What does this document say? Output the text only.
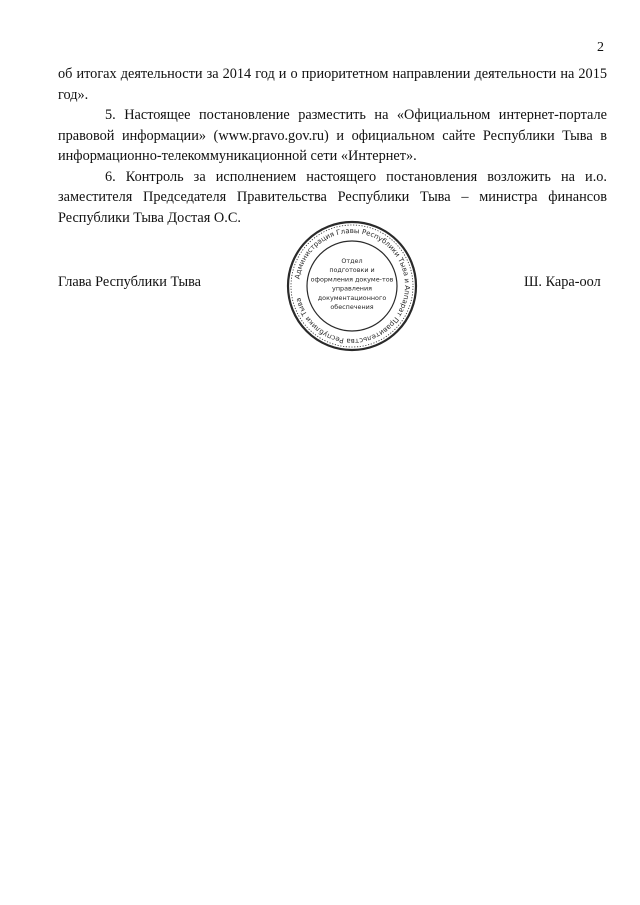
2

об итогах деятельности за 2014 год и о приоритетном направлении деятельности на 2015 год».

5. Настоящее постановление разместить на «Официальном интернет-портале правовой информации» (www.pravo.gov.ru) и официальном сайте Республики Тыва в информационно-телекоммуникационной сети «Интернет».

6. Контроль за исполнением настоящего постановления возложить на и.о. заместителя Председателя Правительства Республики Тыва – министра финансов Республики Тыва Достая О.С.

Глава Республики Тыва	Администрация Главы Республики Тыва и Аппарат Правительства Республики Тыва
Отдел
подготовки и
оформления докуме-тов
управления
документационного
обеспечения
Ш. Кара-оол
